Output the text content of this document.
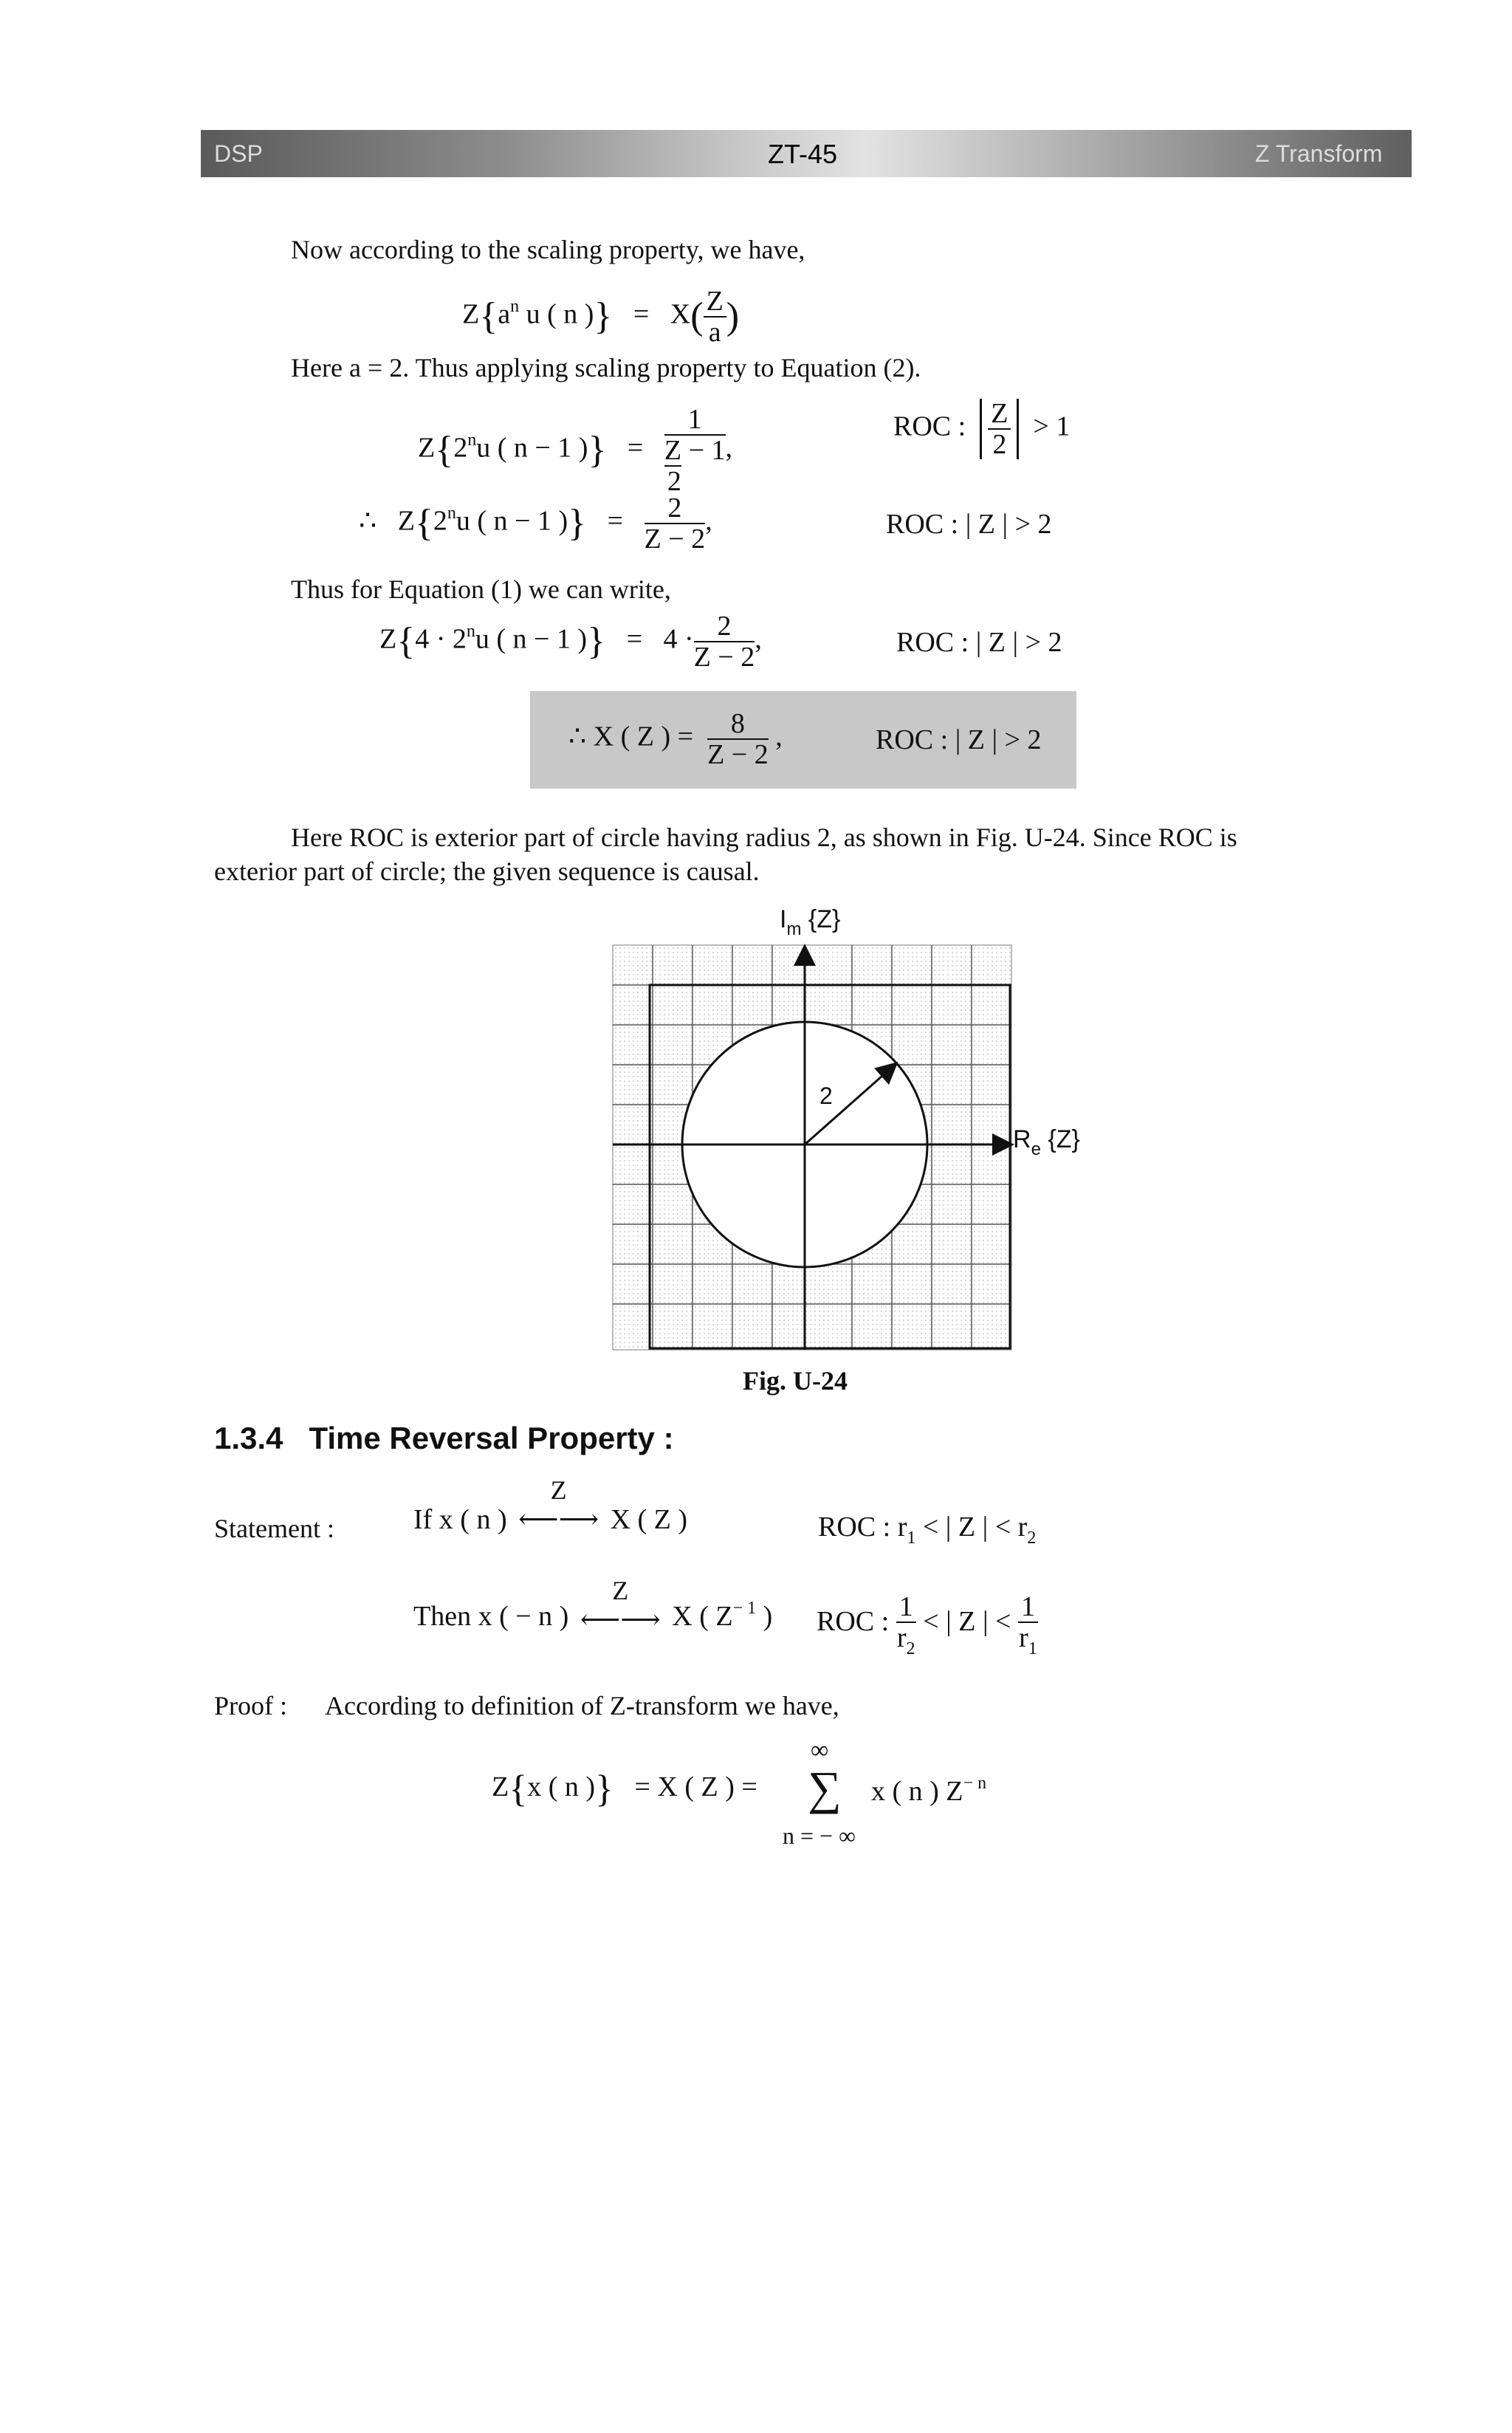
DSP	ZT-45	Z Transform
Now according to the scaling property, we have,
$Z\{a^n$ u ( n )} = $X( \frac{Z}{a}$ )
Here a = 2. Thus applying scaling property to Equation (2).
Z{2$^n$u ( n − 1 )} =
1
Z − 1
2
,
ROC : $\frac{Z}{2} > 1$
∴ Z{2$^n$u ( n − 1 )} = $\frac{2}{Z - 2}$ ,	ROC : | Z | > 2
Thus for Equation (1) we can write,
$Z\{4 \cdot 2^nu$ ( n − 1 )} = $4 \cdot \frac{2}{Z - 2}$ ,	ROC : | Z | > 2
∴ X ( Z ) = $\frac{8}{Z - 2}$ ,	ROC : | Z | > 2
Here ROC is exterior part of circle having radius 2, as shown in Fig. U-24. Since ROC is
exterior part of circle; the given sequence is causal.
$I_m$ {Z}
2
$R_e$ {Z}
Fig. U-24
1.3.4 Time Reversal Property :
Statement :	If x ( n )
Z
⟵⟶ X ( Z )	ROC : $r_1$ < | Z | < $r_2$
Then x ( − n )
Z
⟵⟶ X ( $Z^{- 1}$ ) ROC : $\frac{1}{r_2}$ < | Z | < $\frac{1}{r_1}$
Proof : According to definition of Z-transform we have,
Z{x ( n )} = X ( Z ) =
∞
∑
n = − ∞
x ( n ) $Z^{- n}$
